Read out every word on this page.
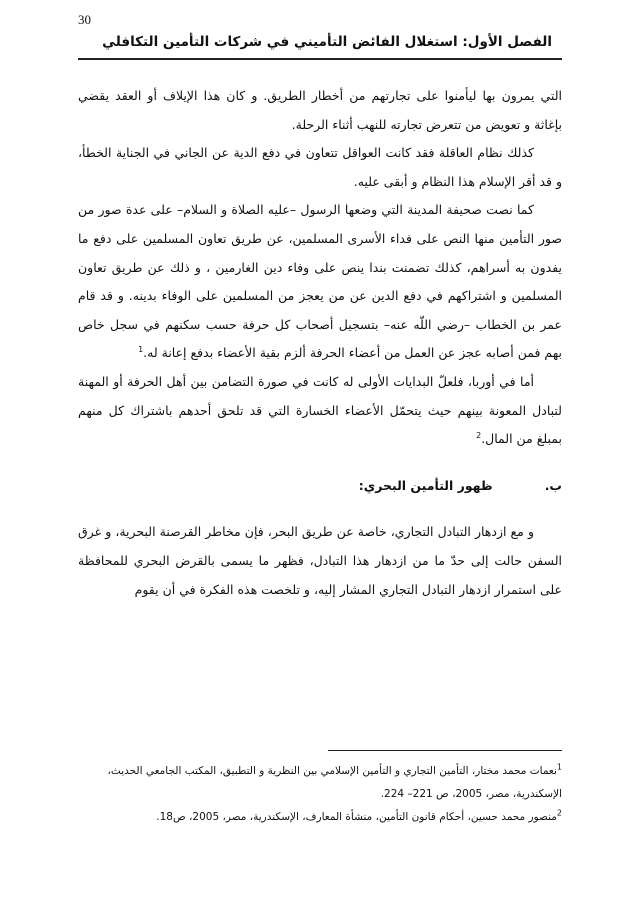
30
الفصل الأول: استغلال الفائض التأميني في شركات التأمين التكافلي

التي يمرون بها ليأمنوا على تجارتهم من أخطار الطريق. و كان هذا الإيلاف أو العقد يقضي بإغاثة و تعويض من تتعرض تجارته للنهب أثناء الرحلة.

كذلك نظام العاقلة فقد كانت العواقل تتعاون في دفع الدية عن الجاني في الجناية الخطأ، و قد أقر الإسلام هذا النظام و أبقى عليه.

كما نصت صحيفة المدينة التي وضعها الرسول –عليه الصلاة و السلام– على عدة صور من صور التأمين منها النص على فداء الأسرى المسلمين، عن طريق تعاون المسلمين على دفع ما يفدون به أسراهم، كذلك تضمنت بندا ينص على وفاء دين الغارمين ، و ذلك عن طريق تعاون المسلمين و اشتراكهم في دفع الدين عن من يعجز من المسلمين على الوفاء بدينه. و قد قام عمر بن الخطاب –رضي اللّه عنه– بتسجيل أصحاب كل حرفة حسب سكنهم في سجل خاص بهم فمن أصابه عجز عن العمل من أعضاء الحرفة ألزم بقية الأعضاء بدفع إعانة له.$^1$

أما في أوربا، فلعلّ البدايات الأولى له كانت في صورة التضامن بين أهل الحرفة أو المهنة لتبادل المعونة بينهم حيث يتحمّل الأعضاء الخسارة التي قد تلحق أحدهم باشتراك كل منهم بمبلغ من المال.$^2$

ب.ظهور التأمين البحري:

و مع ازدهار التبادل التجاري، خاصة عن طريق البحر، فإن مخاطر القرصنة البحرية، و غرق السفن حالت إلى حدّ ما من ازدهار هذا التبادل، فظهر ما يسمى بالقرض البحري للمحافظة على استمرار ازدهار التبادل التجاري المشار إليه، و تلخصت هذه الفكرة في أن يقوم

$^1$نعمات محمد مختار، التأمين التجاري و التأمين الإسلامي بين النظرية و التطبيق، المكتب الجامعي الحديث، الإسكندرية، مصر، 2005، ص 221– 224.

$^2$منصور محمد حسين، أحكام قانون التأمين، منشأة المعارف، الإسكندرية، مصر، 2005، ص18.
